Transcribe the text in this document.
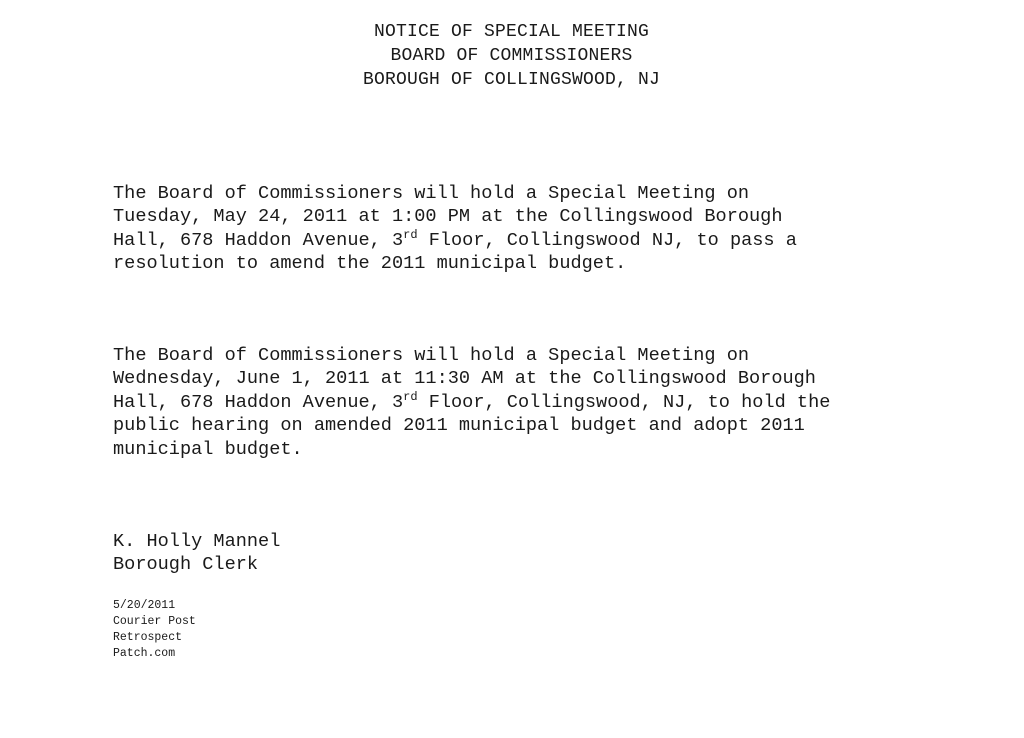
NOTICE OF SPECIAL MEETING
BOARD OF COMMISSIONERS
BOROUGH OF COLLINGSWOOD, NJ
The Board of Commissioners will hold a Special Meeting on
Tuesday, May 24, 2011 at 1:00 PM at the Collingswood Borough
Hall, 678 Haddon Avenue, 3rd Floor, Collingswood NJ, to pass a
resolution to amend the 2011 municipal budget.
The Board of Commissioners will hold a Special Meeting on
Wednesday, June 1, 2011 at 11:30 AM at the Collingswood Borough
Hall, 678 Haddon Avenue, 3rd Floor, Collingswood, NJ, to hold the
public hearing on amended 2011 municipal budget and adopt 2011
municipal budget.
K. Holly Mannel
Borough Clerk
5/20/2011
Courier Post
Retrospect
Patch.com
